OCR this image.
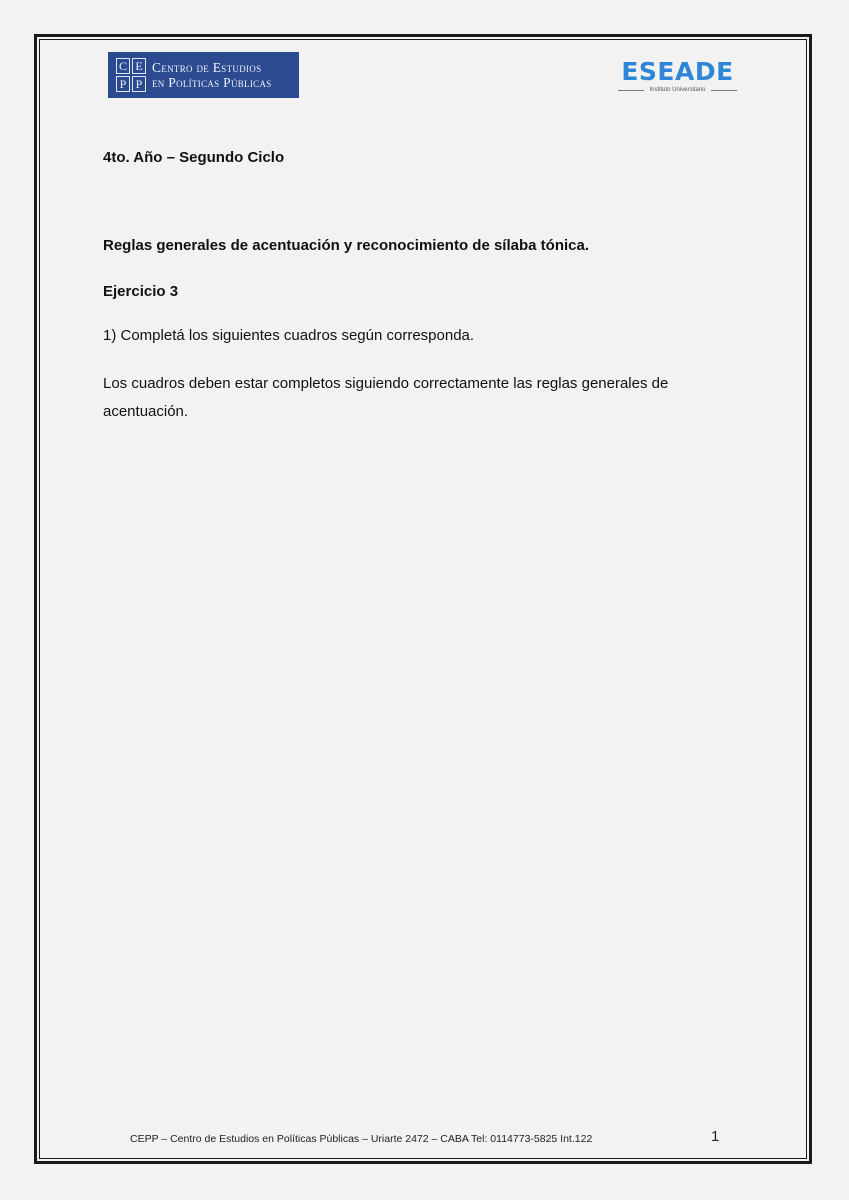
C E
P P
Centro de Estudios
en Políticas Públicas	ESEADE
Instituto Universitario

4to. Año – Segundo Ciclo

Reglas generales de acentuación y reconocimiento de sílaba tónica.

Ejercicio 3

1) Completá los siguientes cuadros según corresponda.

Los cuadros deben estar completos siguiendo correctamente las reglas generales de acentuación.

CEPP – Centro de Estudios en Políticas Públicas – Uriarte 2472 – CABA Tel: 0114773-5825 Int.122	1
